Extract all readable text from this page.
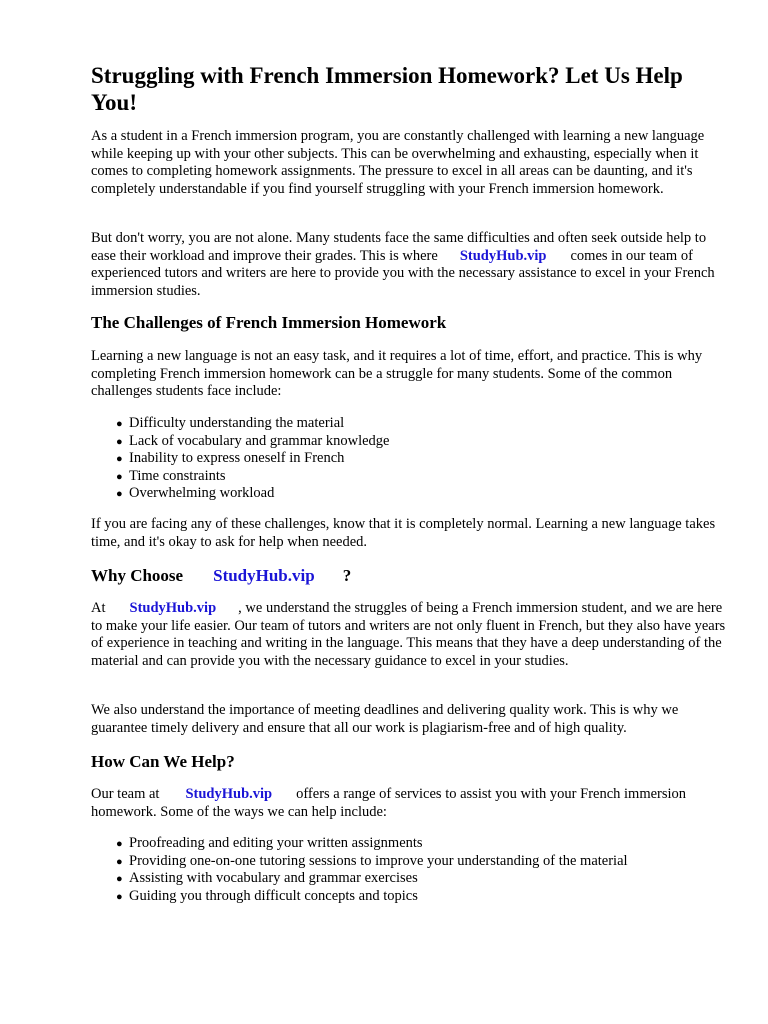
Struggling with French Immersion Homework? Let Us Help You!

As a student in a French immersion program, you are constantly challenged with learning a new language while keeping up with your other subjects. This can be overwhelming and exhausting, especially when it comes to completing homework assignments. The pressure to excel in all areas can be daunting, and it's completely understandable if you find yourself struggling with your French immersion homework.

But don't worry, you are not alone. Many students face the same difficulties and often seek outside help to ease their workload and improve their grades. This is where StudyHub.vip comes in our team of experienced tutors and writers are here to provide you with the necessary assistance to excel in your French immersion studies.

The Challenges of French Immersion Homework

Learning a new language is not an easy task, and it requires a lot of time, effort, and practice. This is why completing French immersion homework can be a struggle for many students. Some of the common challenges students face include:

● Difficulty understanding the material
● Lack of vocabulary and grammar knowledge
● Inability to express oneself in French
● Time constraints
● Overwhelming workload

If you are facing any of these challenges, know that it is completely normal. Learning a new language takes time, and it's okay to ask for help when needed.

Why Choose StudyHub.vip ?

At StudyHub.vip , we understand the struggles of being a French immersion student, and we are here to make your life easier. Our team of tutors and writers are not only fluent in French, but they also have years of experience in teaching and writing in the language. This means that they have a deep understanding of the material and can provide you with the necessary guidance to excel in your studies.

We also understand the importance of meeting deadlines and delivering quality work. This is why we guarantee timely delivery and ensure that all our work is plagiarism-free and of high quality.

How Can We Help?

Our team at StudyHub.vip offers a range of services to assist you with your French immersion homework. Some of the ways we can help include:

● Proofreading and editing your written assignments
● Providing one-on-one tutoring sessions to improve your understanding of the material
● Assisting with vocabulary and grammar exercises
● Guiding you through difficult concepts and topics
